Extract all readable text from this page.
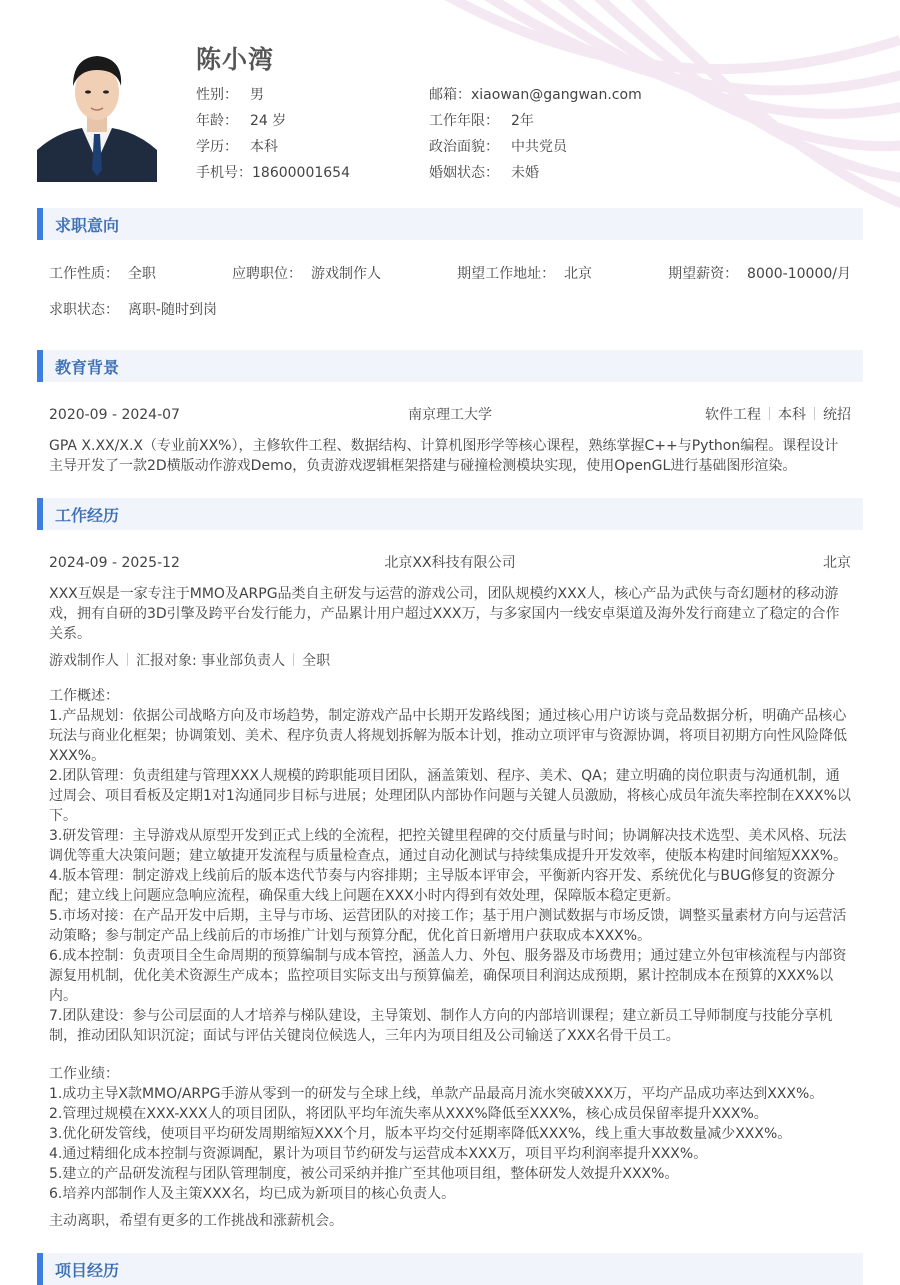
陈小湾
性别： 男	邮箱： xiaowan@gangwan.com
年龄： 24 岁	工作年限： 2年
学历： 本科	政治面貌： 中共党员
手机号： 18600001654	婚姻状态： 未婚
求职意向
工作性质： 全职	应聘职位： 游戏制作人	期望工作地址： 北京	期望薪资： 8000-10000/月
求职状态： 离职-随时到岗
教育背景
2020-09 - 2024-07	南京理工大学	软件工程 本科 统招
GPA X.XX/X.X（专业前XX%），主修软件工程、数据结构、计算机图形学等核心课程，熟练掌握C++与Python编程。课程设计主导开发了一款2D横版动作游戏Demo，负责游戏逻辑框架搭建与碰撞检测模块实现，使用OpenGL进行基础图形渲染。
工作经历
2024-09 - 2025-12	北京XX科技有限公司	北京
XXX互娱是一家专注于MMO及ARPG品类自主研发与运营的游戏公司，团队规模约XXX人，核心产品为武侠与奇幻题材的移动游戏，拥有自研的3D引擎及跨平台发行能力，产品累计用户超过XXX万，与多家国内一线安卓渠道及海外发行商建立了稳定的合作关系。
游戏制作人 汇报对象: 事业部负责人 全职

工作概述：

1.产品规划：依据公司战略方向及市场趋势，制定游戏产品中长期开发路线图；通过核心用户访谈与竞品数据分析，明确产品核心玩法与商业化框架；协调策划、美术、程序负责人将规划拆解为版本计划，推动立项评审与资源协调，将项目初期方向性风险降低XXX%。

2.团队管理：负责组建与管理XXX人规模的跨职能项目团队，涵盖策划、程序、美术、QA；建立明确的岗位职责与沟通机制，通过周会、项目看板及定期1对1沟通同步目标与进展；处理团队内部协作问题与关键人员激励，将核心成员年流失率控制在XXX%以下。

3.研发管理：主导游戏从原型开发到正式上线的全流程，把控关键里程碑的交付质量与时间；协调解决技术选型、美术风格、玩法调优等重大决策问题；建立敏捷开发流程与质量检查点，通过自动化测试与持续集成提升开发效率，使版本构建时间缩短XXX%。

4.版本管理：制定游戏上线前后的版本迭代节奏与内容排期；主导版本评审会，平衡新内容开发、系统优化与BUG修复的资源分配；建立线上问题应急响应流程，确保重大线上问题在XXX小时内得到有效处理，保障版本稳定更新。

5.市场对接：在产品开发中后期，主导与市场、运营团队的对接工作；基于用户测试数据与市场反馈，调整买量素材方向与运营活动策略；参与制定产品上线前后的市场推广计划与预算分配，优化首日新增用户获取成本XXX%。

6.成本控制：负责项目全生命周期的预算编制与成本管控，涵盖人力、外包、服务器及市场费用；通过建立外包审核流程与内部资源复用机制，优化美术资源生产成本；监控项目实际支出与预算偏差，确保项目利润达成预期，累计控制成本在预算的XXX%以内。

7.团队建设：参与公司层面的人才培养与梯队建设，主导策划、制作人方向的内部培训课程；建立新员工导师制度与技能分享机制，推动团队知识沉淀；面试与评估关键岗位候选人，三年内为项目组及公司输送了XXX名骨干员工。

工作业绩：

1.成功主导X款MMO/ARPG手游从零到一的研发与全球上线，单款产品最高月流水突破XXX万，平均产品成功率达到XXX%。

2.管理过规模在XXX-XXX人的项目团队，将团队平均年流失率从XXX%降低至XXX%，核心成员保留率提升XXX%。

3.优化研发管线，使项目平均研发周期缩短XXX个月，版本平均交付延期率降低XXX%，线上重大事故数量减少XXX%。

4.通过精细化成本控制与资源调配，累计为项目节约研发与运营成本XXX万，项目平均利润率提升XXX%。

5.建立的产品研发流程与团队管理制度，被公司采纳并推广至其他项目组，整体研发人效提升XXX%。

6.培养内部制作人及主策XXX名，均已成为新项目的核心负责人。

主动离职，希望有更多的工作挑战和涨薪机会。
项目经历
